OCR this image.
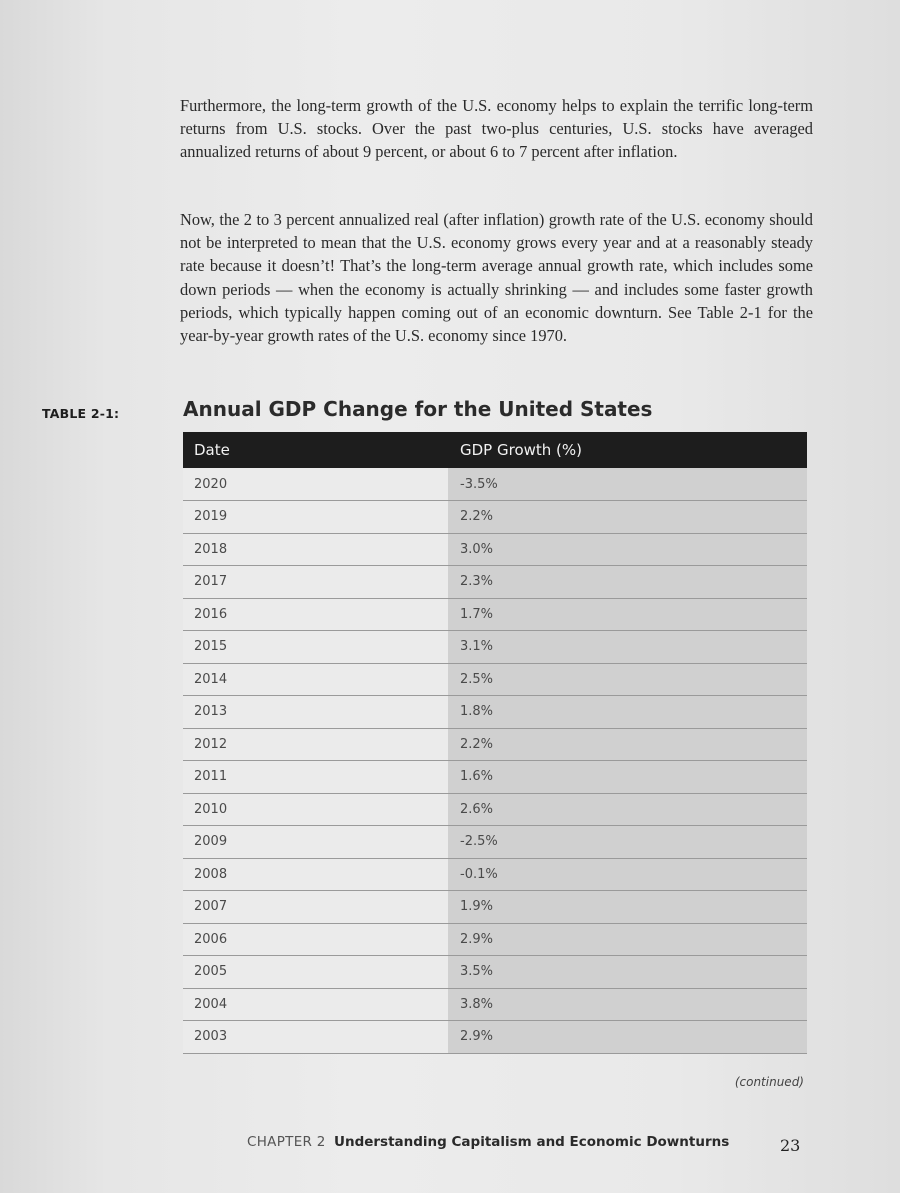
Furthermore, the long-term growth of the U.S. economy helps to explain the terrific long-term returns from U.S. stocks. Over the past two-plus centuries, U.S. stocks have averaged annualized returns of about 9 percent, or about 6 to 7 percent after inflation.

Now, the 2 to 3 percent annualized real (after inflation) growth rate of the U.S. economy should not be interpreted to mean that the U.S. economy grows every year and at a reasonably steady rate because it doesn’t! That’s the long-term average annual growth rate, which includes some down periods — when the economy is actually shrinking — and includes some faster growth periods, which typically happen coming out of an economic downturn. See Table 2-1 for the year-by-year growth rates of the U.S. economy since 1970.

TABLE 2-1:	Annual GDP Change for the United States
Date	GDP Growth (%)
2020	-3.5%
2019	2.2%
2018	3.0%
2017	2.3%
2016	1.7%
2015	3.1%
2014	2.5%
2013	1.8%
2012	2.2%
2011	1.6%
2010	2.6%
2009	-2.5%
2008	-0.1%
2007	1.9%
2006	2.9%
2005	3.5%
2004	3.8%
2003	2.9%
(continued)
CHAPTER 2 Understanding Capitalism and Economic Downturns	23
